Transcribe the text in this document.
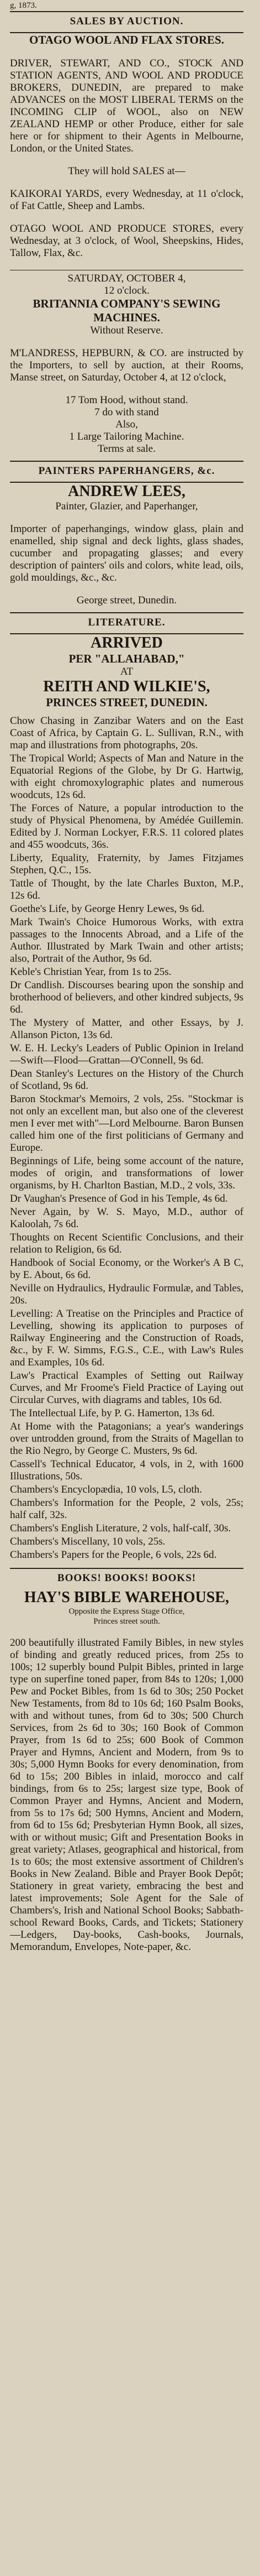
g, 1873.
SALES BY AUCTION.
OTAGO WOOL AND FLAX STORES.

DRIVER, STEWART, AND CO., STOCK AND STATION AGENTS, AND WOOL AND PRODUCE BROKERS, DUNEDIN, are prepared to make ADVANCES on the MOST LIBERAL TERMS on the INCOMING CLIP of WOOL, also on NEW ZEALAND HEMP or other Produce, either for sale here or for shipment to their Agents in Melbourne, London, or the United States.

They will hold SALES at—

KAIKORAI YARDS, every Wednesday, at 11 o'clock, of Fat Cattle, Sheep and Lambs.

OTAGO WOOL AND PRODUCE STORES, every Wednesday, at 3 o'clock, of Wool, Sheepskins, Hides, Tallow, Flax, &c.

SATURDAY, OCTOBER 4,
12 o'clock.
BRITANNIA COMPANY'S SEWING MACHINES.
Without Reserve.

M'LANDRESS, HEPBURN, & CO. are instructed by the Importers, to sell by auction, at their Rooms, Manse street, on Saturday, October 4, at 12 o'clock,

17 Tom Hood, without stand.
7 do with stand
Also,
1 Large Tailoring Machine.
Terms at sale.
PAINTERS PAPERHANGERS, &c.
ANDREW LEES,
Painter, Glazier, and Paperhanger,

Importer of paperhangings, window glass, plain and enamelled, ship signal and deck lights, glass shades, cucumber and propagating glasses; and every description of painters' oils and colors, white lead, oils, gold mouldings, &c., &c.

George street, Dunedin.
LITERATURE.
ARRIVED
PER "ALLAHABAD,"
AT
REITH AND WILKIE'S,
PRINCES STREET, DUNEDIN.

Chow Chasing in Zanzibar Waters and on the East Coast of Africa, by Captain G. L. Sullivan, R.N., with map and illustrations from photographs, 20s.

The Tropical World; Aspects of Man and Nature in the Equatorial Regions of the Globe, by Dr G. Hartwig, with eight chromoxylographic plates and numerous woodcuts, 12s 6d.

The Forces of Nature, a popular introduction to the study of Physical Phenomena, by Amédée Guillemin. Edited by J. Norman Lockyer, F.R.S. 11 colored plates and 455 woodcuts, 36s.

Liberty, Equality, Fraternity, by James Fitzjames Stephen, Q.C., 15s.

Tattle of Thought, by the late Charles Buxton, M.P., 12s 6d.

Goethe's Life, by George Henry Lewes, 9s 6d.

Mark Twain's Choice Humorous Works, with extra passages to the Innocents Abroad, and a Life of the Author. Illustrated by Mark Twain and other artists; also, Portrait of the Author, 9s 6d.

Keble's Christian Year, from 1s to 25s.

Dr Candlish. Discourses bearing upon the sonship and brotherhood of believers, and other kindred subjects, 9s 6d.

The Mystery of Matter, and other Essays, by J. Allanson Picton, 13s 6d.

W. E. H. Lecky's Leaders of Public Opinion in Ireland—Swift—Flood—Grattan—O'Connell, 9s 6d.

Dean Stanley's Lectures on the History of the Church of Scotland, 9s 6d.

Baron Stockmar's Memoirs, 2 vols, 25s. "Stockmar is not only an excellent man, but also one of the cleverest men I ever met with"—Lord Melbourne. Baron Bunsen called him one of the first politicians of Germany and Europe.

Beginnings of Life, being some account of the nature, modes of origin, and transformations of lower organisms, by H. Charlton Bastian, M.D., 2 vols, 33s.

Dr Vaughan's Presence of God in his Temple, 4s 6d.

Never Again, by W. S. Mayo, M.D., author of Kaloolah, 7s 6d.

Thoughts on Recent Scientific Conclusions, and their relation to Religion, 6s 6d.

Handbook of Social Economy, or the Worker's A B C, by E. About, 6s 6d.

Neville on Hydraulics, Hydraulic Formulæ, and Tables, 20s.

Levelling: A Treatise on the Principles and Practice of Levelling, showing its application to purposes of Railway Engineering and the Construction of Roads, &c., by F. W. Simms, F.G.S., C.E., with Law's Rules and Examples, 10s 6d.

Law's Practical Examples of Setting out Railway Curves, and Mr Froome's Field Practice of Laying out Circular Curves, with diagrams and tables, 10s 6d.

The Intellectual Life, by P. G. Hamerton, 13s 6d.

At Home with the Patagonians; a year's wanderings over untrodden ground, from the Straits of Magellan to the Rio Negro, by George C. Musters, 9s 6d.

Cassell's Technical Educator, 4 vols, in 2, with 1600 Illustrations, 50s.

Chambers's Encyclopædia, 10 vols, L5, cloth.

Chambers's Information for the People, 2 vols, 25s; half calf, 32s.

Chambers's English Literature, 2 vols, half-calf, 30s.

Chambers's Miscellany, 10 vols, 25s.

Chambers's Papers for the People, 6 vols, 22s 6d.

BOOKS! BOOKS! BOOKS!
HAY'S BIBLE WAREHOUSE,
Opposite the Express Stage Office,
Princes street south.

200 beautifully illustrated Family Bibles, in new styles of binding and greatly reduced prices, from 25s to 100s; 12 superbly bound Pulpit Bibles, printed in large type on superfine toned paper, from 84s to 120s; 1,000 Pew and Pocket Bibles, from 1s 6d to 30s; 250 Pocket New Testaments, from 8d to 10s 6d; 160 Psalm Books, with and without tunes, from 6d to 30s; 500 Church Services, from 2s 6d to 30s; 160 Book of Common Prayer, from 1s 6d to 25s; 600 Book of Common Prayer and Hymns, Ancient and Modern, from 9s to 30s; 5,000 Hymn Books for every denomination, from 6d to 15s; 200 Bibles in inlaid, morocco and calf bindings, from 6s to 25s; largest size type, Book of Common Prayer and Hymns, Ancient and Modern, from 5s to 17s 6d; 500 Hymns, Ancient and Modern, from 6d to 15s 6d; Presbyterian Hymn Book, all sizes, with or without music; Gift and Presentation Books in great variety; Atlases, geographical and historical, from 1s to 60s; the most extensive assortment of Children's Books in New Zealand. Bible and Prayer Book Depôt; Stationery in great variety, embracing the best and latest improvements; Sole Agent for the Sale of Chambers's, Irish and National School Books; Sabbath-school Reward Books, Cards, and Tickets; Stationery—Ledgers, Day-books, Cash-books, Journals, Memorandum, Envelopes, Note-paper, &c.
